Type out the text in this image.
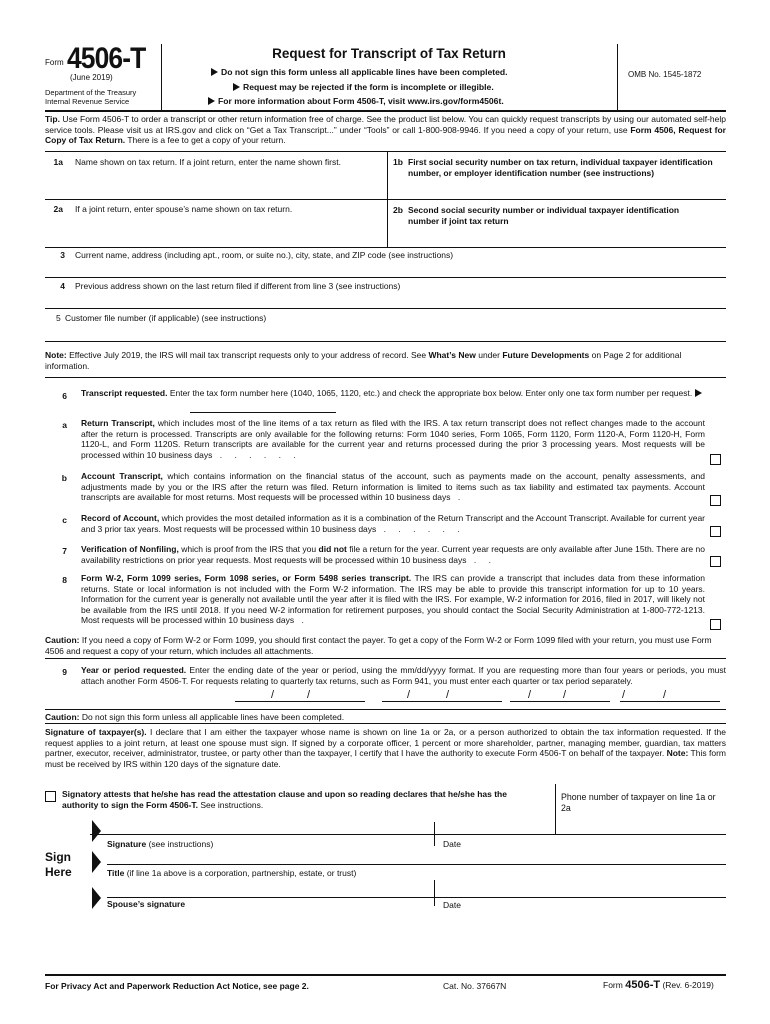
Form 4506-T
(June 2019)
Department of the Treasury
Internal Revenue Service
Request for Transcript of Tax Return
Do not sign this form unless all applicable lines have been completed.
Request may be rejected if the form is incomplete or illegible.
For more information about Form 4506-T, visit www.irs.gov/form4506t.
OMB No. 1545-1872
Tip. Use Form 4506-T to order a transcript or other return information free of charge. See the product list below. You can quickly request transcripts by using our automated self-help service tools. Please visit us at IRS.gov and click on “Get a Tax Transcript...” under “Tools” or call 1-800-908-9946. If you need a copy of your return, use Form 4506, Request for Copy of Tax Return. There is a fee to get a copy of your return.
1a Name shown on tax return. If a joint return, enter the name shown first.	1b First social security number on tax return, individual taxpayer identification number, or employer identification number (see instructions)
2a If a joint return, enter spouse’s name shown on tax return.	2b Second social security number or individual taxpayer identification number if joint tax return
3 Current name, address (including apt., room, or suite no.), city, state, and ZIP code (see instructions)
4 Previous address shown on the last return filed if different from line 3 (see instructions)
5 Customer file number (if applicable) (see instructions)
Note: Effective July 2019, the IRS will mail tax transcript requests only to your address of record. See What’s New under Future Developments on Page 2 for additional information.
6 Transcript requested. Enter the tax form number here (1040, 1065, 1120, etc.) and check the appropriate box below. Enter only one tax form number per request.
a Return Transcript, which includes most of the line items of a tax return as filed with the IRS. A tax return transcript does not reflect changes made to the account after the return is processed. Transcripts are only available for the following returns: Form 1040 series, Form 1065, Form 1120, Form 1120-A, Form 1120-H, Form 1120-L, and Form 1120S. Return transcripts are available for the current year and returns processed during the prior 3 processing years. Most requests will be processed within 10 business days . . . . . .
b Account Transcript, which contains information on the financial status of the account, such as payments made on the account, penalty assessments, and adjustments made by you or the IRS after the return was filed. Return information is limited to items such as tax liability and estimated tax payments. Account transcripts are available for most returns. Most requests will be processed within 10 business days .
c Record of Account, which provides the most detailed information as it is a combination of the Return Transcript and the Account Transcript. Available for current year and 3 prior tax years. Most requests will be processed within 10 business days . . . . . .
7 Verification of Nonfiling, which is proof from the IRS that you did not file a return for the year. Current year requests are only available after June 15th. There are no availability restrictions on prior year requests. Most requests will be processed within 10 business days . .
8 Form W-2, Form 1099 series, Form 1098 series, or Form 5498 series transcript. The IRS can provide a transcript that includes data from these information returns. State or local information is not included with the Form W-2 information. The IRS may be able to provide this transcript information for up to 10 years. Information for the current year is generally not available until the year after it is filed with the IRS. For example, W-2 information for 2016, filed in 2017, will likely not be available from the IRS until 2018. If you need W-2 information for retirement purposes, you should contact the Social Security Administration at 1-800-772-1213. Most requests will be processed within 10 business days .
Caution: If you need a copy of Form W-2 or Form 1099, you should first contact the payer. To get a copy of the Form W-2 or Form 1099 filed with your return, you must use Form 4506 and request a copy of your return, which includes all attachments.
9 Year or period requested. Enter the ending date of the year or period, using the mm/dd/yyyy format. If you are requesting more than four years or periods, you must attach another Form 4506-T. For requests relating to quarterly tax returns, such as Form 941, you must enter each quarter or tax period separately.
/	/	/	/	/	/	/	/
Caution: Do not sign this form unless all applicable lines have been completed.
Signature of taxpayer(s). I declare that I am either the taxpayer whose name is shown on line 1a or 2a, or a person authorized to obtain the tax information requested. If the request applies to a joint return, at least one spouse must sign. If signed by a corporate officer, 1 percent or more shareholder, partner, managing member, guardian, tax matters partner, executor, receiver, administrator, trustee, or party other than the taxpayer, I certify that I have the authority to execute Form 4506-T on behalf of the taxpayer. Note: This form must be received by IRS within 120 days of the signature date.
Signatory attests that he/she has read the attestation clause and upon so reading declares that he/she has the authority to sign the Form 4506-T. See instructions.
Phone number of taxpayer on line 1a or 2a
Sign
Here
Signature (see instructions)	Date
Title (if line 1a above is a corporation, partnership, estate, or trust)
Spouse’s signature	Date
For Privacy Act and Paperwork Reduction Act Notice, see page 2.	Cat. No. 37667N	Form 4506-T (Rev. 6-2019)
